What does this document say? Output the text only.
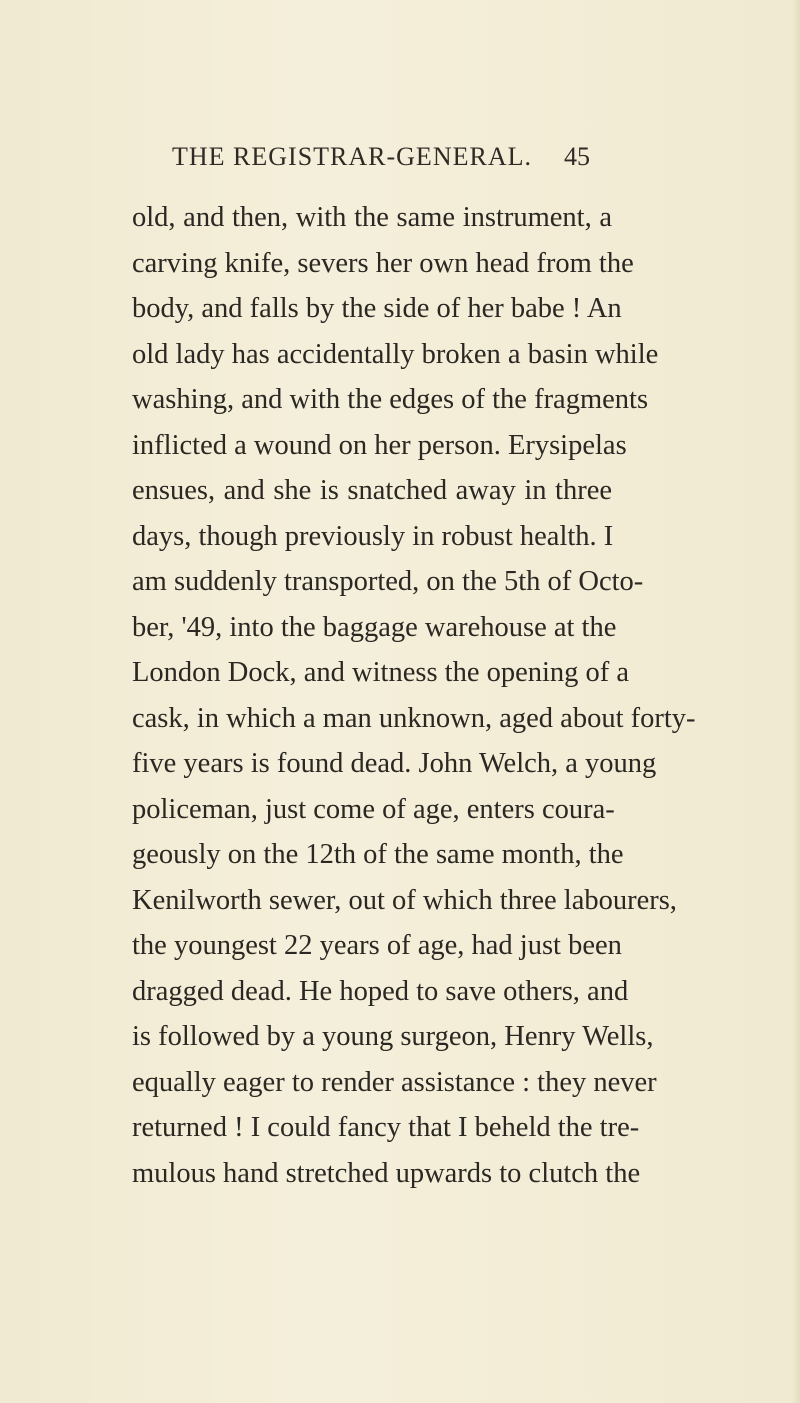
THE REGISTRAR-GENERAL. 45
old, and then, with the same instrument, a
carving knife, severs her own head from the
body, and falls by the side of her babe ! An
old lady has accidentally broken a basin while
washing, and with the edges of the fragments
inflicted a wound on her person. Erysipelas
ensues, and she is snatched away in three
days, though previously in robust health. I
am suddenly transported, on the 5th of Octo-
ber, '49, into the baggage warehouse at the
London Dock, and witness the opening of a
cask, in which a man unknown, aged about forty-
five years is found dead. John Welch, a young
policeman, just come of age, enters coura-
geously on the 12th of the same month, the
Kenilworth sewer, out of which three labourers,
the youngest 22 years of age, had just been
dragged dead. He hoped to save others, and
is followed by a young surgeon, Henry Wells,
equally eager to render assistance : they never
returned ! I could fancy that I beheld the tre-
mulous hand stretched upwards to clutch the
